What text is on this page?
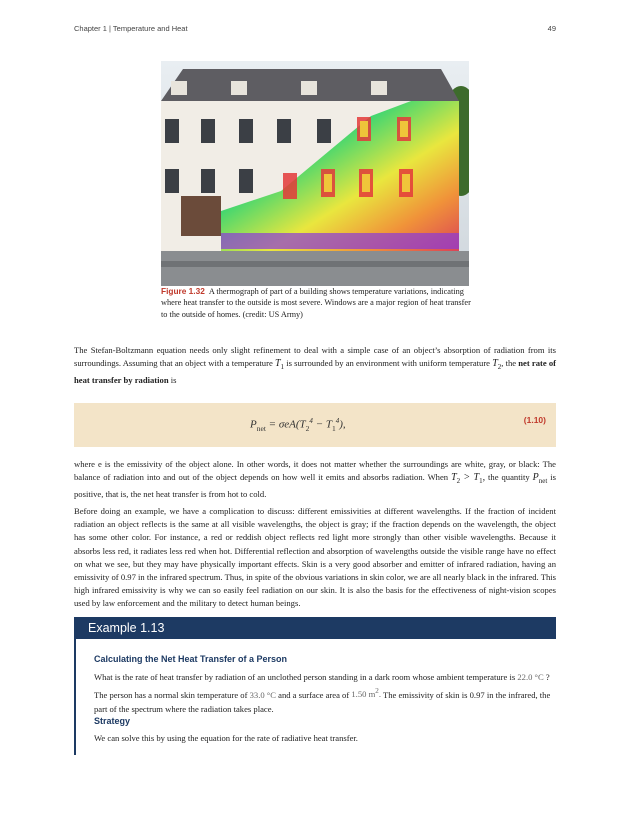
Chapter 1 | Temperature and Heat	49
Figure 1.32 A thermograph of part of a building shows temperature variations, indicating where heat transfer to the outside is most severe. Windows are a major region of heat transfer to the outside of homes. (credit: US Army)
The Stefan-Boltzmann equation needs only slight refinement to deal with a simple case of an object’s absorption of radiation from its surroundings. Assuming that an object with a temperature $T_1$ is surrounded by an environment with uniform temperature $T_2$, the net rate of heat transfer by radiation is
$P_{net} = \sigma eA(T_2^4 - T_1^4)$,	(1.10)
where e is the emissivity of the object alone. In other words, it does not matter whether the surroundings are white, gray, or black: The balance of radiation into and out of the object depends on how well it emits and absorbs radiation. When $T_2 > T_1$, the quantity $P_{net}$ is positive, that is, the net heat transfer is from hot to cold.
Before doing an example, we have a complication to discuss: different emissivities at different wavelengths. If the fraction of incident radiation an object reflects is the same at all visible wavelengths, the object is gray; if the fraction depends on the wavelength, the object has some other color. For instance, a red or reddish object reflects red light more strongly than other visible wavelengths. Because it absorbs less red, it radiates less red when hot. Differential reflection and absorption of wavelengths outside the visible range have no effect on what we see, but they may have physically important effects. Skin is a very good absorber and emitter of infrared radiation, having an emissivity of 0.97 in the infrared spectrum. Thus, in spite of the obvious variations in skin color, we are all nearly black in the infrared. This high infrared emissivity is why we can so easily feel radiation on our skin. It is also the basis for the effectiveness of night-vision scopes used by law enforcement and the military to detect human beings.
Example 1.13
Calculating the Net Heat Transfer of a Person
What is the rate of heat transfer by radiation of an unclothed person standing in a dark room whose ambient temperature is 22.0 °C ? The person has a normal skin temperature of 33.0 °C and a surface area of 1.50 $m^2$. The emissivity of skin is 0.97 in the infrared, the part of the spectrum where the radiation takes place.
Strategy
We can solve this by using the equation for the rate of radiative heat transfer.
